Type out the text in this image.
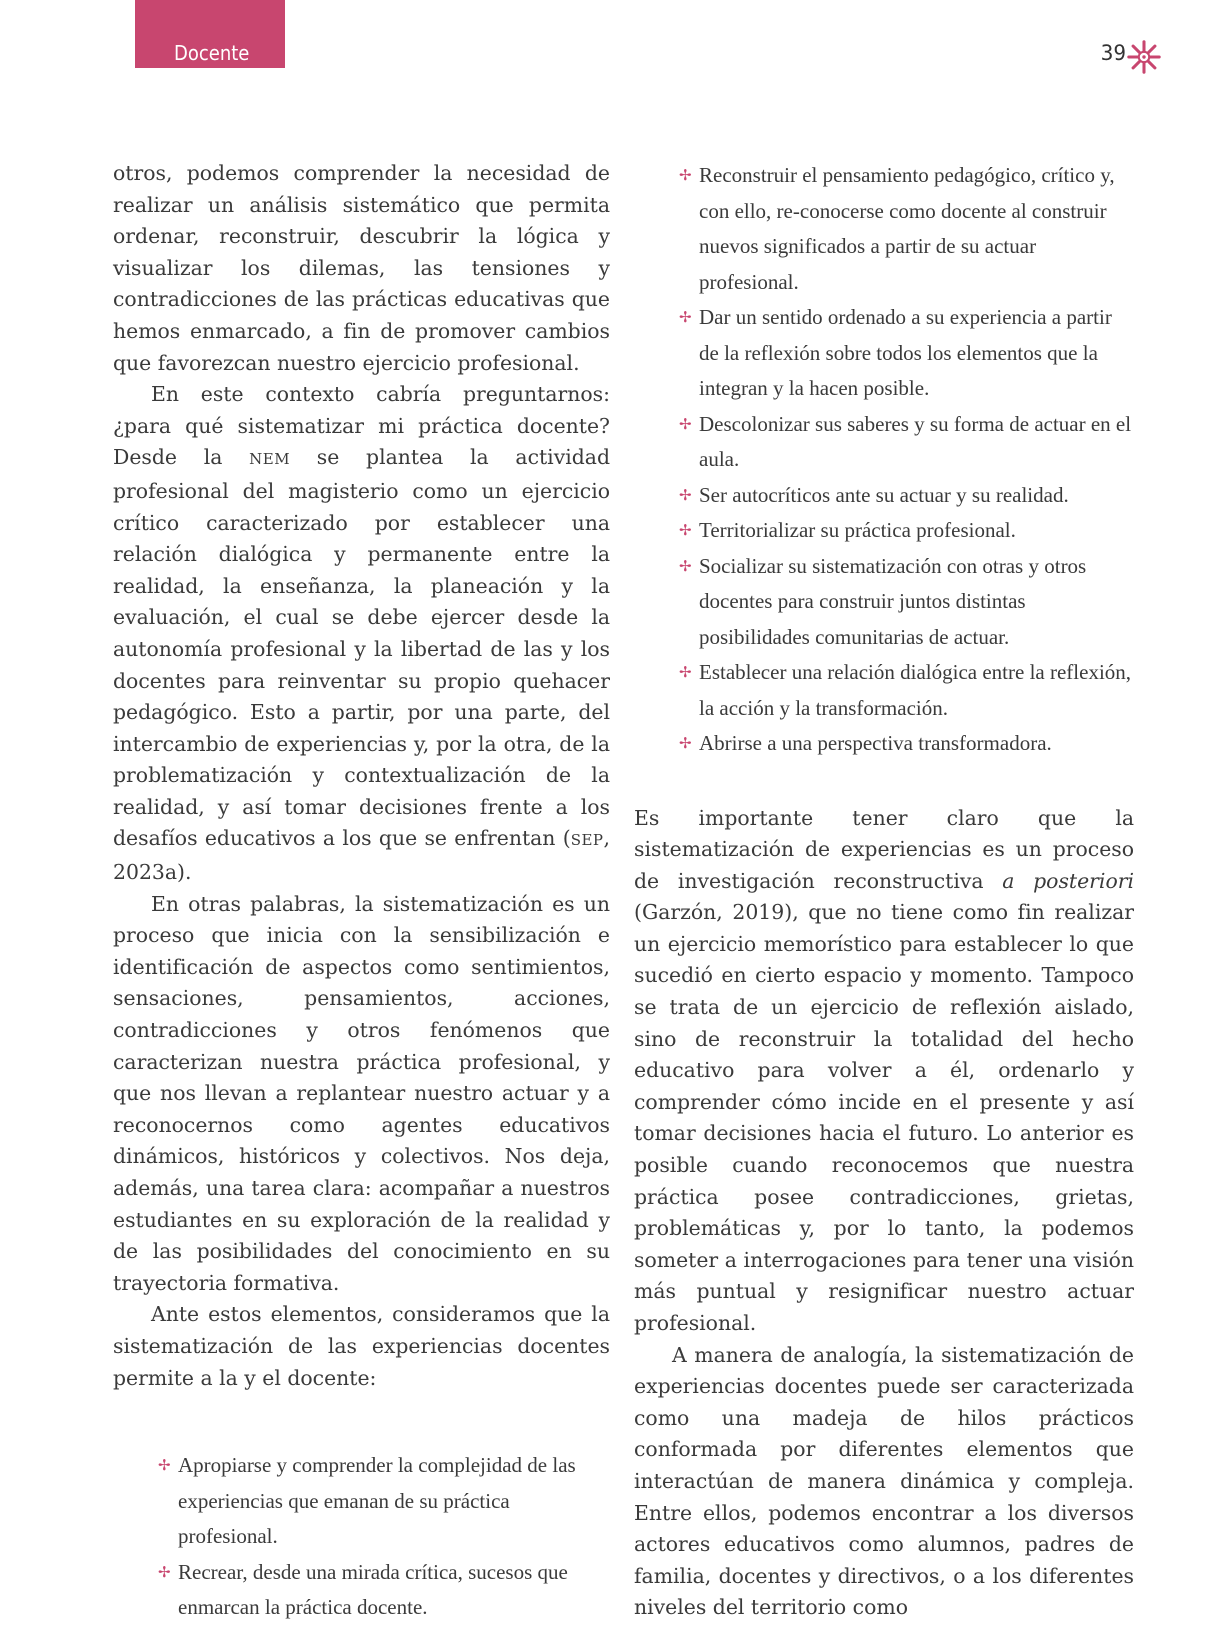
Docente	39

otros, podemos comprender la necesidad de realizar un análisis sistemático que permita ordenar, reconstruir, descubrir la lógica y visualizar los dilemas, las tensiones y contradicciones de las prácticas educativas que hemos enmarcado, a fin de promover cambios que favorezcan nuestro ejercicio profesional.

En este contexto cabría preguntarnos: ¿para qué sistematizar mi práctica docente? Desde la NEM se plantea la actividad profesional del magisterio como un ejercicio crítico caracterizado por establecer una relación dialógica y permanente entre la realidad, la enseñanza, la planeación y la evaluación, el cual se debe ejercer desde la autonomía profesional y la libertad de las y los docentes para reinventar su propio quehacer pedagógico. Esto a partir, por una parte, del intercambio de experiencias y, por la otra, de la problematización y contextualización de la realidad, y así tomar decisiones frente a los desafíos educativos a los que se enfrentan (SEP, 2023a).

En otras palabras, la sistematización es un proceso que inicia con la sensibilización e identificación de aspectos como sentimientos, sensaciones, pensamientos, acciones, contradicciones y otros fenómenos que caracterizan nuestra práctica profesional, y que nos llevan a replantear nuestro actuar y a reconocernos como agentes educativos dinámicos, históricos y colectivos. Nos deja, además, una tarea clara: acompañar a nuestros estudiantes en su exploración de la realidad y de las posibilidades del conocimiento en su trayectoria formativa.

Ante estos elementos, consideramos que la sistematización de las experiencias docentes permite a la y el docente:

✢ Apropiarse y comprender la complejidad de las experiencias que emanan de su práctica profesional.
✢ Recrear, desde una mirada crítica, sucesos que enmarcan la práctica docente.
✢ Reconstruir el pensamiento pedagógico, crítico y, con ello, re-conocerse como docente al construir nuevos significados a partir de su actuar profesional.
✢ Dar un sentido ordenado a su experiencia a partir de la reflexión sobre todos los elementos que la integran y la hacen posible.
✢ Descolonizar sus saberes y su forma de actuar en el aula.
✢ Ser autocríticos ante su actuar y su realidad.
✢ Territorializar su práctica profesional.
✢ Socializar su sistematización con otras y otros docentes para construir juntos distintas posibilidades comunitarias de actuar.
✢ Establecer una relación dialógica entre la reflexión, la acción y la transformación.
✢ Abrirse a una perspectiva transformadora.

Es importante tener claro que la sistematización de experiencias es un proceso de investigación reconstructiva a posteriori (Garzón, 2019), que no tiene como fin realizar un ejercicio memorístico para establecer lo que sucedió en cierto espacio y momento. Tampoco se trata de un ejercicio de reflexión aislado, sino de reconstruir la totalidad del hecho educativo para volver a él, ordenarlo y comprender cómo incide en el presente y así tomar decisiones hacia el futuro. Lo anterior es posible cuando reconocemos que nuestra práctica posee contradicciones, grietas, problemáticas y, por lo tanto, la podemos someter a interrogaciones para tener una visión más puntual y resignificar nuestro actuar profesional.

A manera de analogía, la sistematización de experiencias docentes puede ser caracterizada como una madeja de hilos prácticos conformada por diferentes elementos que interactúan de manera dinámica y compleja. Entre ellos, podemos encontrar a los diversos actores educativos como alumnos, padres de familia, docentes y directivos, o a los diferentes niveles del territorio como
